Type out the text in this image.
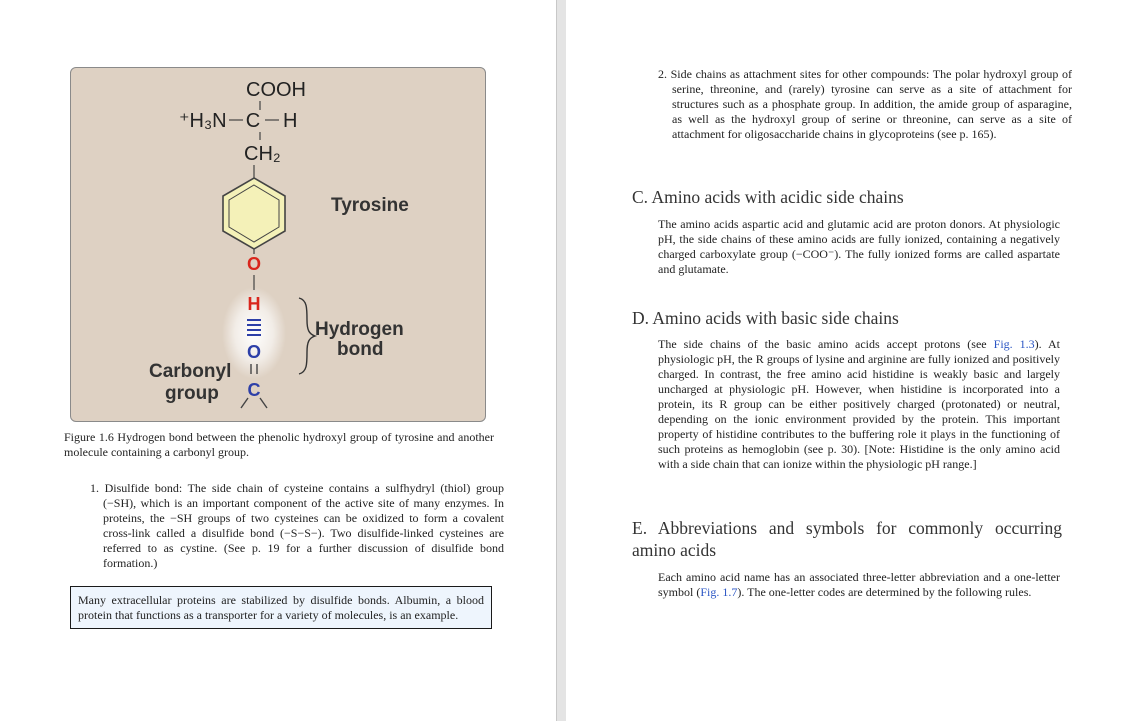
COOH
⁺H₃N C H
CH₂
Tyrosine
O
H
O
C
Hydrogen
bond
Carbonyl
group
Figure 1.6 Hydrogen bond between the phenolic hydroxyl group of tyrosine and another molecule containing a carbonyl group.
1. Disulfide bond: The side chain of cysteine contains a sulfhydryl (thiol) group (−SH), which is an important component of the active site of many enzymes. In proteins, the −SH groups of two cysteines can be oxidized to form a covalent cross-link called a disulfide bond (−S−S−). Two disulfide-linked cysteines are referred to as cystine. (See p. 19 for a further discussion of disulfide bond formation.)
Many extracellular proteins are stabilized by disulfide bonds. Albumin, a blood protein that functions as a transporter for a variety of molecules, is an example.
2. Side chains as attachment sites for other compounds: The polar hydroxyl group of serine, threonine, and (rarely) tyrosine can serve as a site of attachment for structures such as a phosphate group. In addition, the amide group of asparagine, as well as the hydroxyl group of serine or threonine, can serve as a site of attachment for oligosaccharide chains in glycoproteins (see p. 165).
C. Amino acids with acidic side chains
The amino acids aspartic acid and glutamic acid are proton donors. At physiologic pH, the side chains of these amino acids are fully ionized, containing a negatively charged carboxylate group (−COO⁻). The fully ionized forms are called aspartate and glutamate.
D. Amino acids with basic side chains
The side chains of the basic amino acids accept protons (see Fig. 1.3). At physiologic pH, the R groups of lysine and arginine are fully ionized and positively charged. In contrast, the free amino acid histidine is weakly basic and largely uncharged at physiologic pH. However, when histidine is incorporated into a protein, its R group can be either positively charged (protonated) or neutral, depending on the ionic environment provided by the protein. This important property of histidine contributes to the buffering role it plays in the functioning of such proteins as hemoglobin (see p. 30). [Note: Histidine is the only amino acid with a side chain that can ionize within the physiologic pH range.]
E. Abbreviations and symbols for commonly occurring amino acids
Each amino acid name has an associated three-letter abbreviation and a one-letter symbol (Fig. 1.7). The one-letter codes are determined by the following rules.
